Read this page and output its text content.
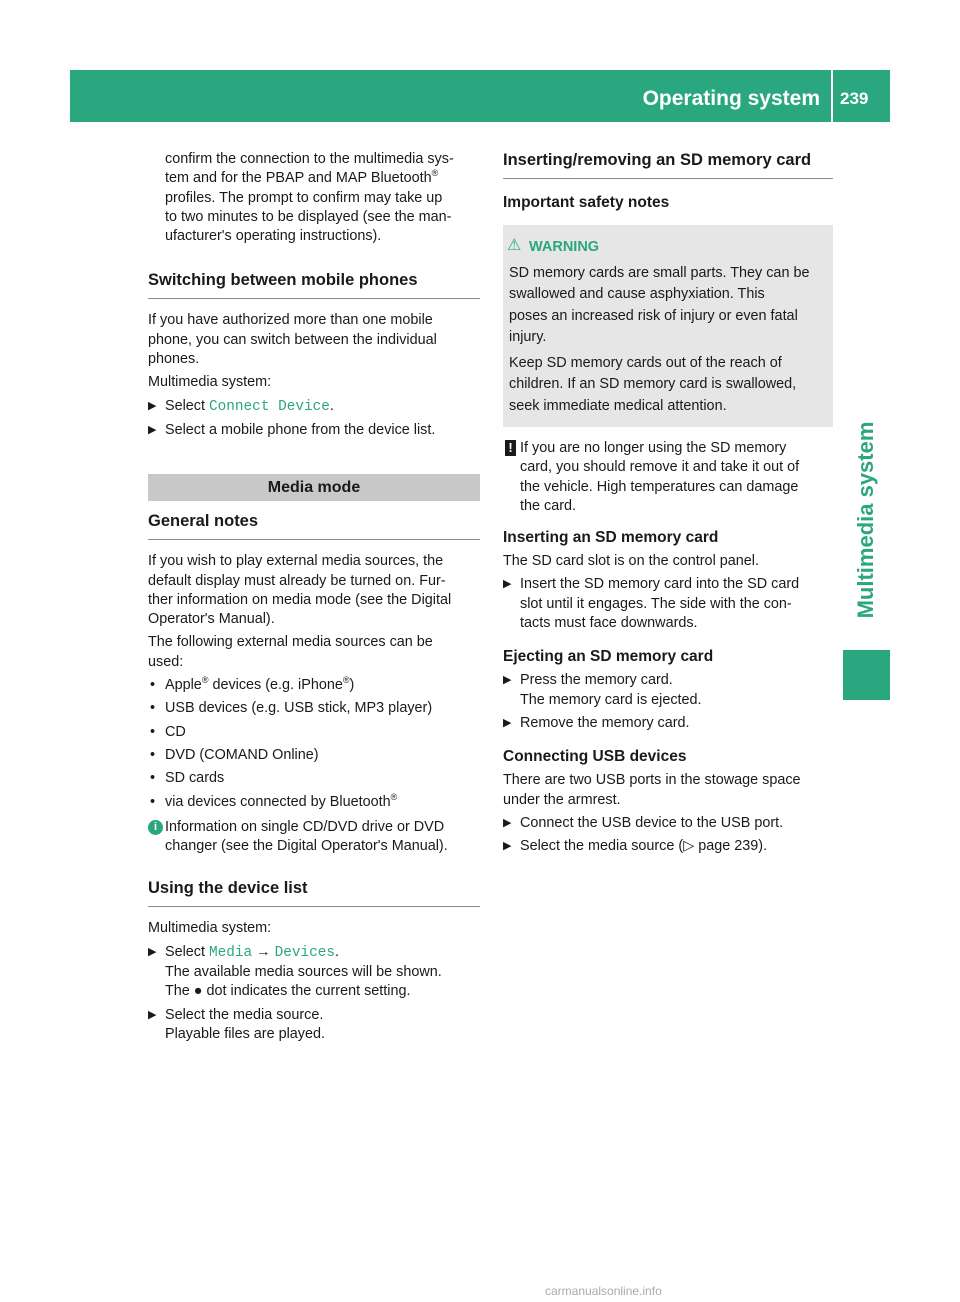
Operating system 239
Multimedia system

confirm the connection to the multimedia sys-

tem and for the PBAP and MAP Bluetooth®

profiles. The prompt to confirm may take up

to two minutes to be displayed (see the man-

ufacturer's operating instructions).

Switching between mobile phones

If you have authorized more than one mobile

phone, you can switch between the individual

phones.

Multimedia system:

▶ Select Connect Device.

▶ Select a mobile phone from the device list.

Media mode

General notes

If you wish to play external media sources, the

default display must already be turned on. Fur-

ther information on media mode (see the Digital

Operator's Manual).

The following external media sources can be

used:

• Apple® devices (e.g. iPhone®)

• USB devices (e.g. USB stick, MP3 player)

• CD

• DVD (COMAND Online)

• SD cards

• via devices connected by Bluetooth®

i Information on single CD/DVD drive or DVD

changer (see the Digital Operator's Manual).

Using the device list

Multimedia system:

▶ Select Media → Devices.

The available media sources will be shown.

The ● dot indicates the current setting.

▶ Select the media source.

Playable files are played.

Inserting/removing an SD memory card

Important safety notes

⚠ WARNING

SD memory cards are small parts. They can be

swallowed and cause asphyxiation. This

poses an increased risk of injury or even fatal

injury.

Keep SD memory cards out of the reach of

children. If an SD memory card is swallowed,

seek immediate medical attention.

! If you are no longer using the SD memory

card, you should remove it and take it out of

the vehicle. High temperatures can damage

the card.

Inserting an SD memory card

The SD card slot is on the control panel.

▶ Insert the SD memory card into the SD card

slot until it engages. The side with the con-

tacts must face downwards.

Ejecting an SD memory card

▶ Press the memory card.

The memory card is ejected.

▶ Remove the memory card.

Connecting USB devices

There are two USB ports in the stowage space

under the armrest.

▶ Connect the USB device to the USB port.

▶ Select the media source (▷ page 239).

carmanualsonline.info
